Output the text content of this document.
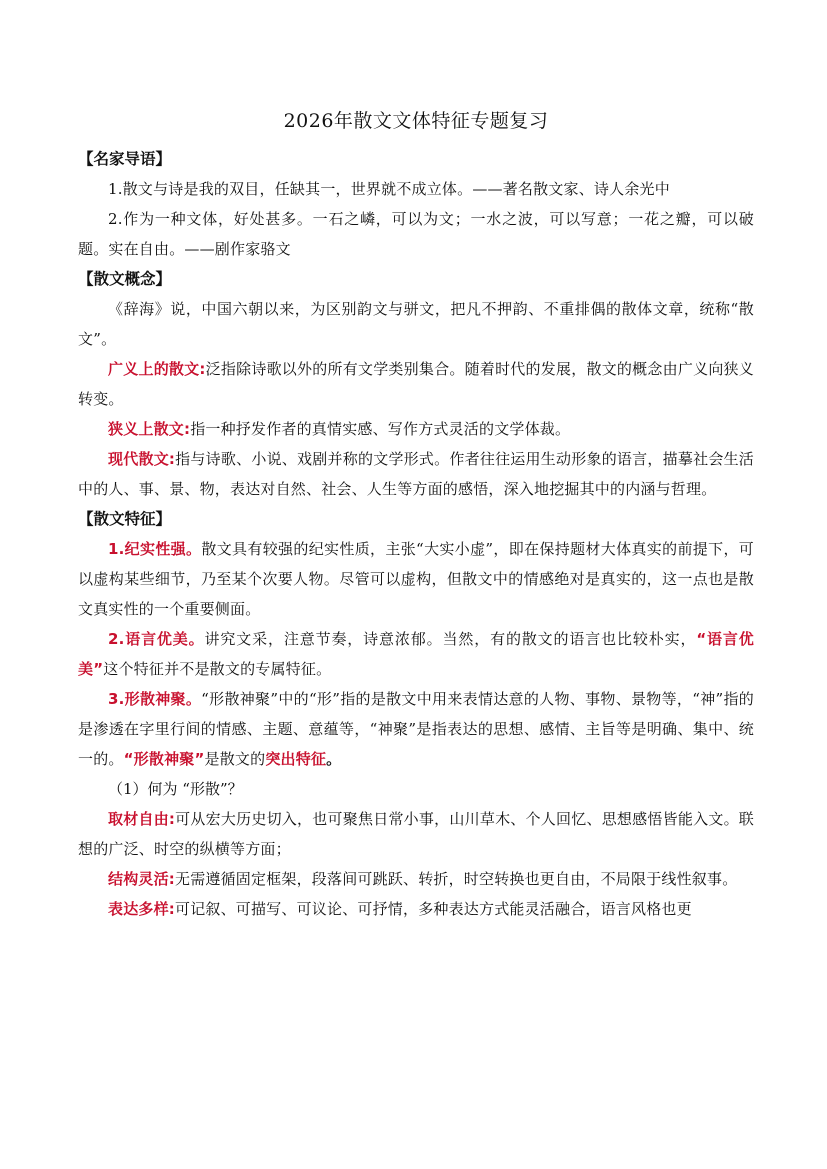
2026年散文文体特征专题复习

【名家导语】

1.散文与诗是我的双目，任缺其一，世界就不成立体。——著名散文家、诗人余光中

2.作为一种文体，好处甚多。一石之嶙，可以为文；一水之波，可以写意；一花之瓣，可以破题。实在自由。——剧作家骆文

【散文概念】

《辞海》说，中国六朝以来，为区别韵文与骈文，把凡不押韵、不重排偶的散体文章，统称“散文”。

广义上的散文:泛指除诗歌以外的所有文学类别集合。随着时代的发展，散文的概念由广义向狭义转变。

狭义上散文:指一种抒发作者的真情实感、写作方式灵活的文学体裁。

现代散文:指与诗歌、小说、戏剧并称的文学形式。作者往往运用生动形象的语言，描摹社会生活中的人、事、景、物，表达对自然、社会、人生等方面的感悟，深入地挖掘其中的内涵与哲理。

【散文特征】

1.纪实性强。散文具有较强的纪实性质，主张“大实小虚”，即在保持题材大体真实的前提下，可以虚构某些细节，乃至某个次要人物。尽管可以虚构，但散文中的情感绝对是真实的，这一点也是散文真实性的一个重要侧面。

2.语言优美。讲究文采，注意节奏，诗意浓郁。当然，有的散文的语言也比较朴实，“语言优美”这个特征并不是散文的专属特征。

3.形散神聚。“形散神聚”中的“形”指的是散文中用来表情达意的人物、事物、景物等，“神”指的是渗透在字里行间的情感、主题、意蕴等，“神聚”是指表达的思想、感情、主旨等是明确、集中、统一的。“形散神聚”是散文的突出特征。

（1）何为 “形散”？

取材自由:可从宏大历史切入，也可聚焦日常小事，山川草木、个人回忆、思想感悟皆能入文。联想的广泛、时空的纵横等方面；

结构灵活:无需遵循固定框架，段落间可跳跃、转折，时空转换也更自由，不局限于线性叙事。

表达多样:可记叙、可描写、可议论、可抒情，多种表达方式能灵活融合，语言风格也更
